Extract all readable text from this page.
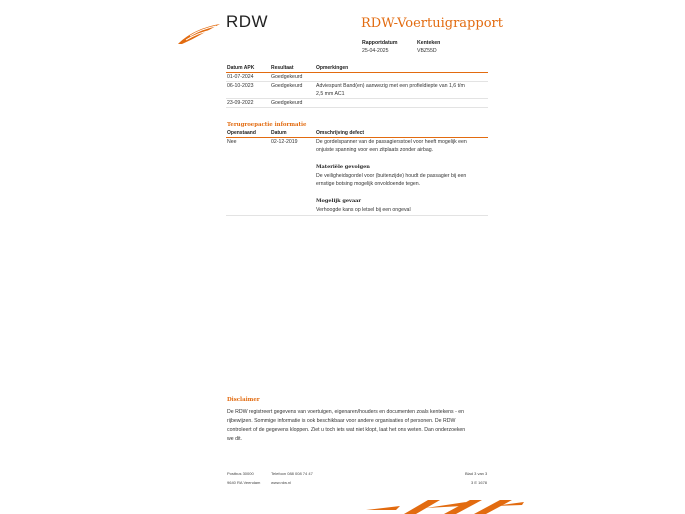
RDW	RDW-Voertuigrapport
Rapportdatum
25-04-2025
Kenteken
VBZ55D
Datum APK	Resultaat	Opmerkingen
01-07-2024	Goedgekeurd
06-10-2023	Goedgekeurd	Adviespunt Band(en) aanwezig met een profieldiepte van 1,6 t/m
2,5 mm AC1
23-09-2022	Goedgekeurd
Terugroepactie informatie
Openstaand	Datum	Omschrijving defect
Nee	02-12-2019	De gordelspanner van de passagiersstoel voor heeft mogelijk een
onjuiste spanning voor een zitplaats zonder airbag.
Materiële gevolgen
De veiligheidsgordel voor (buitenzijde) houdt de passagier bij een
ernstige botsing mogelijk onvoldoende tegen.
Mogelijk gevaar
Verhoogde kans op letsel bij een ongeval
Disclaimer
De RDW registreert gegevens van voertuigen, eigenaren/houders en documenten zoals kentekens - en
rijbewijzen. Sommige informatie is ook beschikbaar voor andere organisaties of personen. De RDW
controleert of de gegevens kloppen. Ziet u toch iets wat niet klopt, laat het ons weten. Dan onderzoeken
we dit.
Postbus 30000
9640 RA Veendam
Telefoon 088 008 74 47
www.rdw.nl
Blad 3 van 3
3 E 1678
